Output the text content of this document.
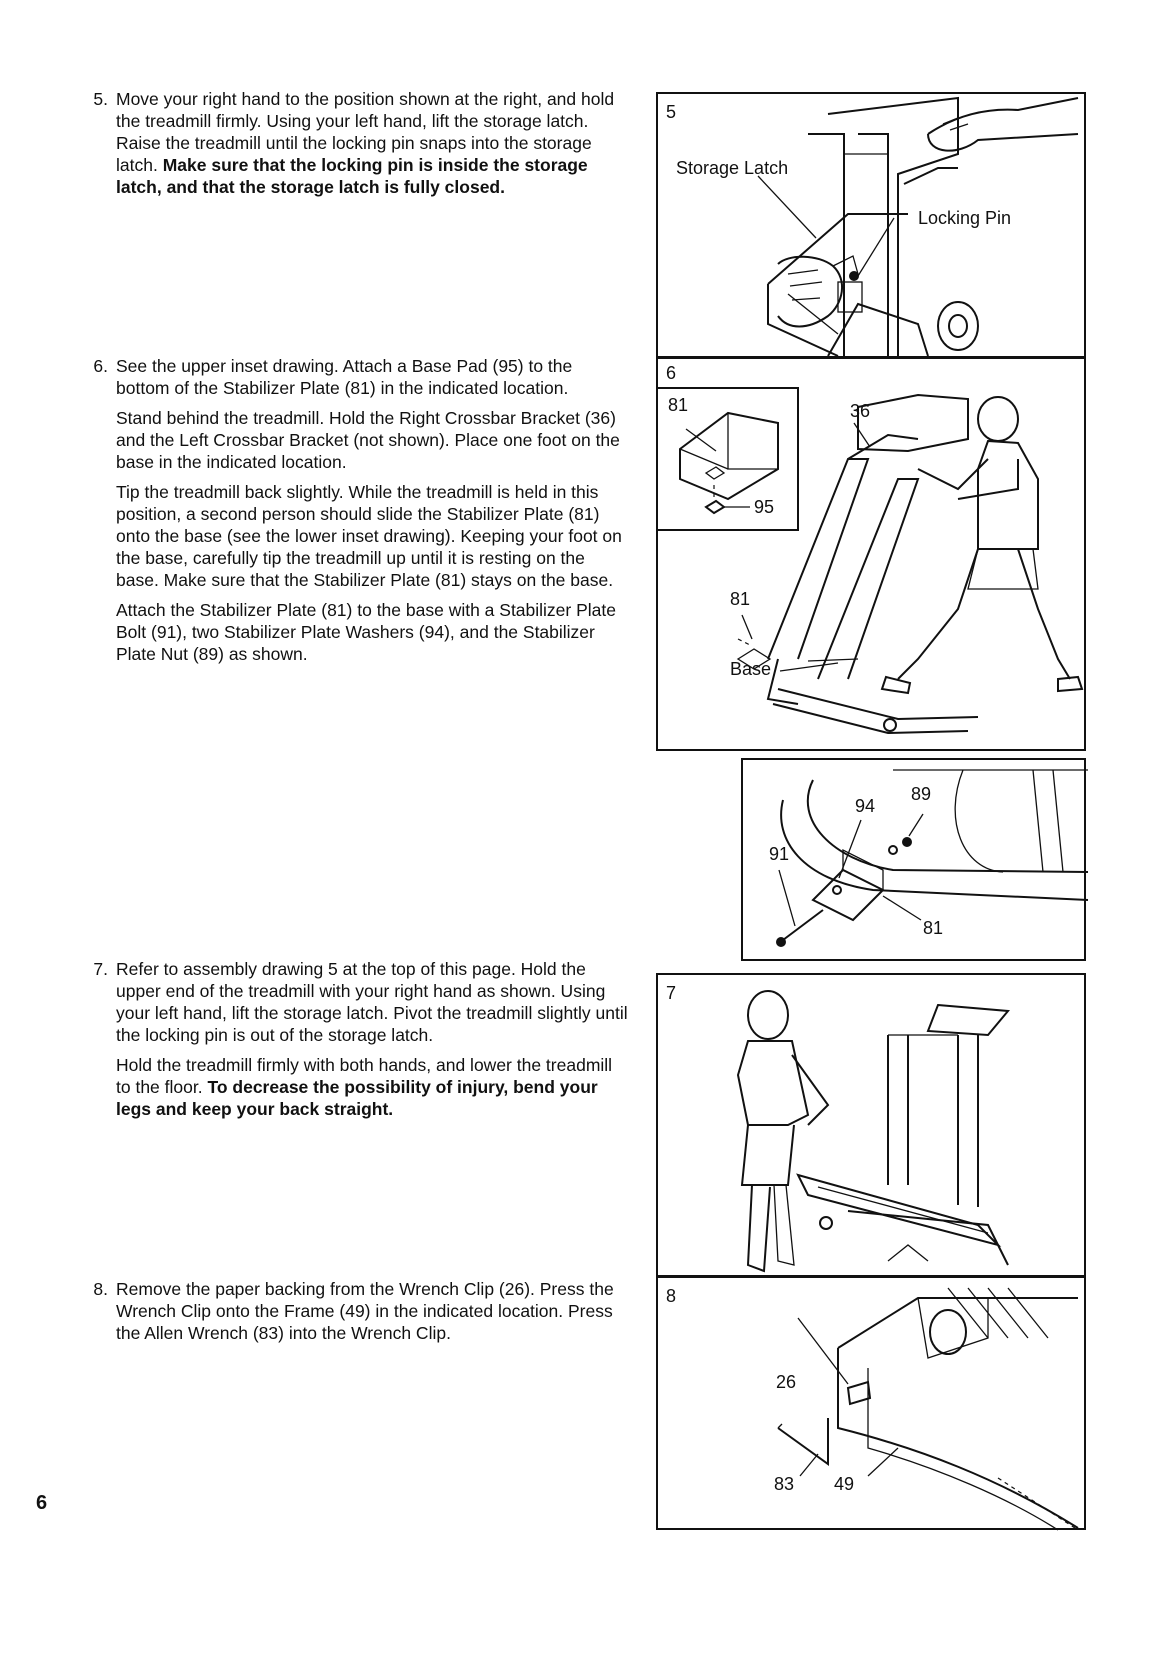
5. Move your right hand to the position shown at the right, and hold the treadmill firmly. Using your left hand, lift the storage latch. Raise the treadmill until the locking pin snaps into the storage latch. Make sure that the locking pin is inside the storage latch, and that the storage latch is fully closed.

6. See the upper inset drawing. Attach a Base Pad (95) to the bottom of the Stabilizer Plate (81) in the indicated location.

Stand behind the treadmill. Hold the Right Crossbar Bracket (36) and the Left Crossbar Bracket (not shown). Place one foot on the base in the indicated location.

Tip the treadmill back slightly. While the treadmill is held in this position, a second person should slide the Stabilizer Plate (81) onto the base (see the lower inset drawing). Keeping your foot on the base, carefully tip the treadmill up until it is resting on the base. Make sure that the Stabilizer Plate (81) stays on the base.

Attach the Stabilizer Plate (81) to the base with a Stabilizer Plate Bolt (91), two Stabilizer Plate Washers (94), and the Stabilizer Plate Nut (89) as shown.

7. Refer to assembly drawing 5 at the top of this page. Hold the upper end of the treadmill with your right hand as shown. Using your left hand, lift the storage latch. Pivot the treadmill slightly until the locking pin is out of the storage latch.

Hold the treadmill firmly with both hands, and lower the treadmill to the floor. To decrease the possibility of injury, bend your legs and keep your back straight.

8. Remove the paper backing from the Wrench Clip (26). Press the Wrench Clip onto the Frame (49) in the indicated location. Press the Allen Wrench (83) into the Wrench Clip.

6
5
Storage Latch
Locking Pin
81
95
6
36
81
Base
94
89
91
81
7
8
26
83 49
